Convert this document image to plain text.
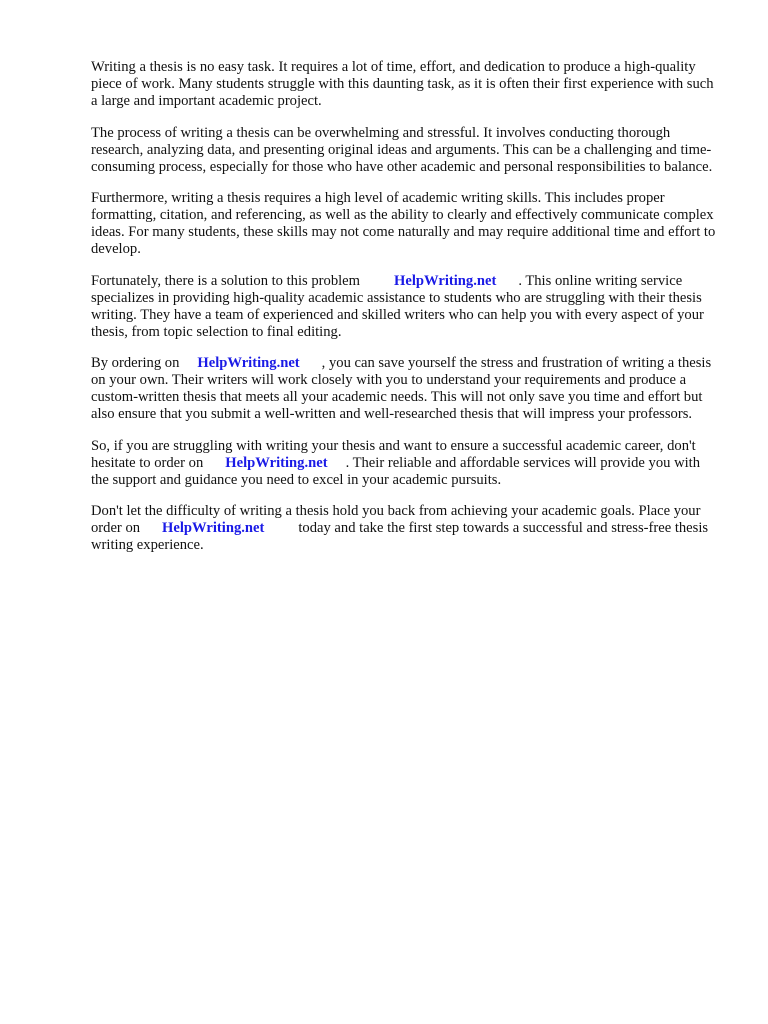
Writing a thesis is no easy task. It requires a lot of time, effort, and dedication to produce a high-quality piece of work. Many students struggle with this daunting task, as it is often their first experience with such a large and important academic project.

The process of writing a thesis can be overwhelming and stressful. It involves conducting thorough research, analyzing data, and presenting original ideas and arguments. This can be a challenging and time-consuming process, especially for those who have other academic and personal responsibilities to balance.

Furthermore, writing a thesis requires a high level of academic writing skills. This includes proper formatting, citation, and referencing, as well as the ability to clearly and effectively communicate complex ideas. For many students, these skills may not come naturally and may require additional time and effort to develop.

Fortunately, there is a solution to this problem HelpWriting.net . This online writing service specializes in providing high-quality academic assistance to students who are struggling with their thesis writing. They have a team of experienced and skilled writers who can help you with every aspect of your thesis, from topic selection to final editing.

By ordering on HelpWriting.net , you can save yourself the stress and frustration of writing a thesis on your own. Their writers will work closely with you to understand your requirements and produce a custom-written thesis that meets all your academic needs. This will not only save you time and effort but also ensure that you submit a well-written and well-researched thesis that will impress your professors.

So, if you are struggling with writing your thesis and want to ensure a successful academic career, don't hesitate to order on HelpWriting.net . Their reliable and affordable services will provide you with the support and guidance you need to excel in your academic pursuits.

Don't let the difficulty of writing a thesis hold you back from achieving your academic goals. Place your order on HelpWriting.net today and take the first step towards a successful and stress-free thesis writing experience.
